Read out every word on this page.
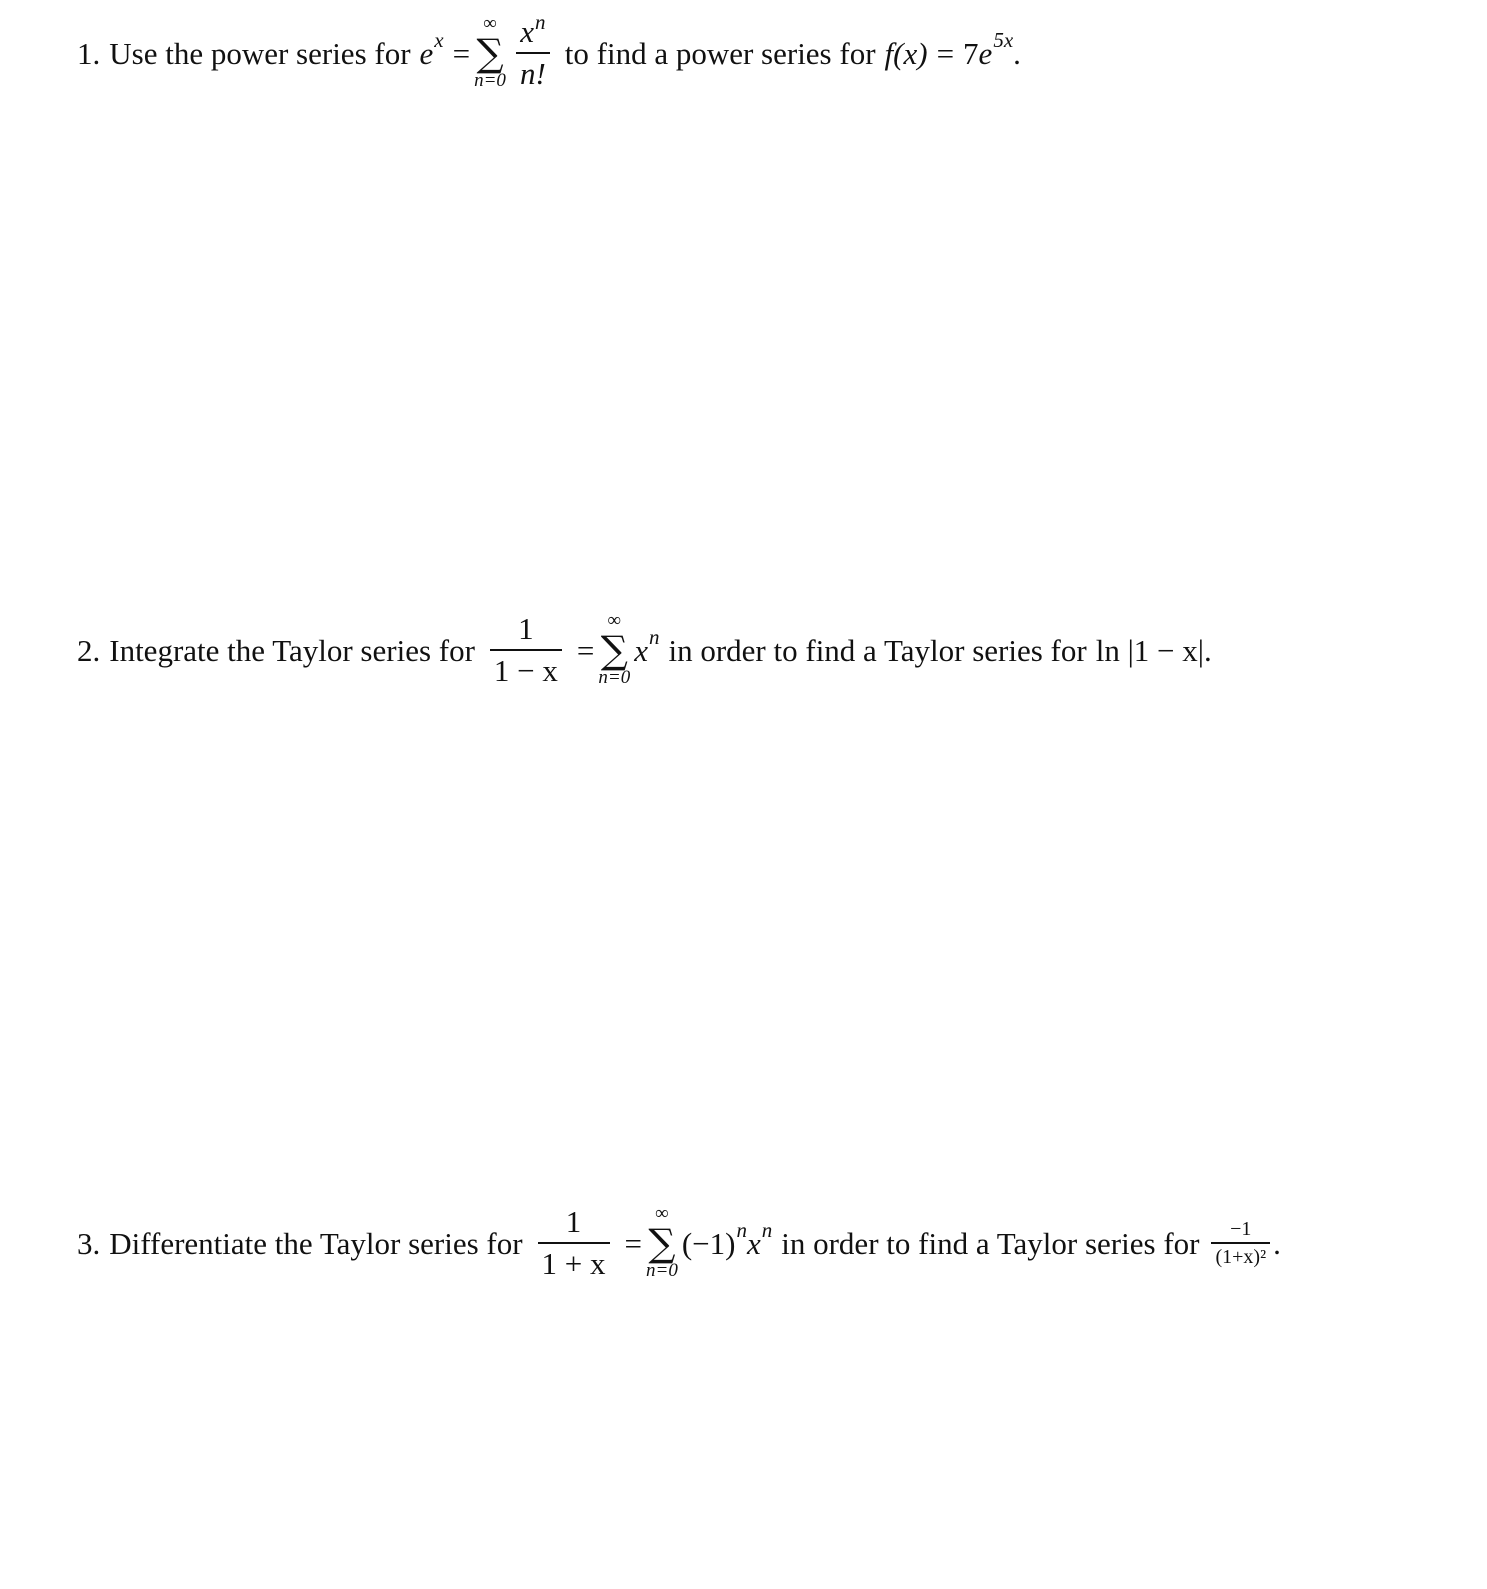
1. Use the power series for e x =
∞
∑
$n=0 \frac{x^n}{n!}$ to find a power series for f(x) = 7 e 5x .
2. Integrate the Taylor series for $\frac{1}{1 - x}$ =
∞
∑
n=0
x n in order to find a Taylor series for ln |1 − x| .
3. Differentiate the Taylor series for $\frac{1}{1 + x}$ =
∞
∑
n=0
(−1) n x n in order to find a Taylor series for $\frac{-1}{\text{(1+x)²}}$ .
